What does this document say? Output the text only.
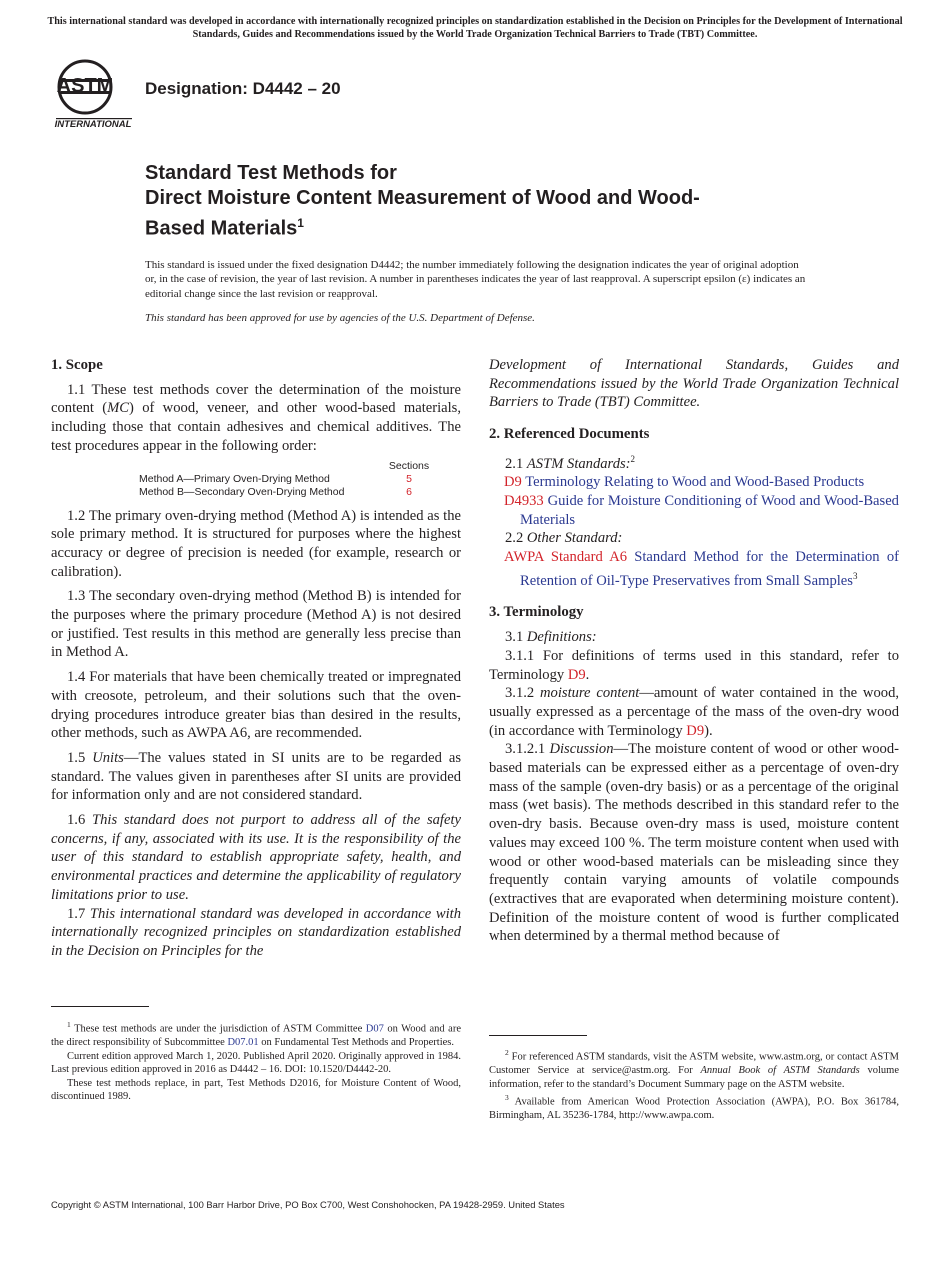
This international standard was developed in accordance with internationally recognized principles on standardization established in the Decision on Principles for the Development of International Standards, Guides and Recommendations issued by the World Trade Organization Technical Barriers to Trade (TBT) Committee.
ASTM
INTERNATIONAL
Designation: D4442 – 20
Standard Test Methods for
Direct Moisture Content Measurement of Wood and Wood-
Based Materials$^1$
This standard is issued under the fixed designation D4442; the number immediately following the designation indicates the year of original adoption or, in the case of revision, the year of last revision. A number in parentheses indicates the year of last reapproval. A superscript epsilon (ε) indicates an editorial change since the last revision or reapproval.
This standard has been approved for use by agencies of the U.S. Department of Defense.

1. Scope

1.1 These test methods cover the determination of the moisture content (MC) of wood, veneer, and other wood-based materials, including those that contain adhesives and chemical additives. The test procedures appear in the following order:

Sections
Method A—Primary Oven-Drying Method	5
Method B—Secondary Oven-Drying Method	6

1.2 The primary oven-drying method (Method A) is intended as the sole primary method. It is structured for purposes where the highest accuracy or degree of precision is needed (for example, research or calibration).

1.3 The secondary oven-drying method (Method B) is intended for the purposes where the primary procedure (Method A) is not desired or justified. Test results in this method are generally less precise than in Method A.

1.4 For materials that have been chemically treated or impregnated with creosote, petroleum, and their solutions such that the oven-drying procedures introduce greater bias than desired in the results, other methods, such as AWPA A6, are recommended.

1.5 Units—The values stated in SI units are to be regarded as standard. The values given in parentheses after SI units are provided for information only and are not considered standard.

1.6 This standard does not purport to address all of the safety concerns, if any, associated with its use. It is the responsibility of the user of this standard to establish appropriate safety, health, and environmental practices and determine the applicability of regulatory limitations prior to use.

1.7 This international standard was developed in accordance with internationally recognized principles on standardization established in the Decision on Principles for the

$^1$ These test methods are under the jurisdiction of ASTM Committee D07 on Wood and are the direct responsibility of Subcommittee D07.01 on Fundamental Test Methods and Properties.

Current edition approved March 1, 2020. Published April 2020. Originally approved in 1984. Last previous edition approved in 2016 as D4442 – 16. DOI: 10.1520/D4442-20.

These test methods replace, in part, Test Methods D2016, for Moisture Content of Wood, discontinued 1989.

Development of International Standards, Guides and Recommendations issued by the World Trade Organization Technical Barriers to Trade (TBT) Committee.

2. Referenced Documents

2.1 ASTM Standards:$^2$

D9 Terminology Relating to Wood and Wood-Based Products

D4933 Guide for Moisture Conditioning of Wood and Wood-Based Materials

2.2 Other Standard:

AWPA Standard A6 Standard Method for the Determination of Retention of Oil-Type Preservatives from Small Samples$^3$

3. Terminology

3.1 Definitions:

3.1.1 For definitions of terms used in this standard, refer to Terminology D9.

3.1.2 moisture content—amount of water contained in the wood, usually expressed as a percentage of the mass of the oven-dry wood (in accordance with Terminology D9).

3.1.2.1 Discussion—The moisture content of wood or other wood-based materials can be expressed either as a percentage of oven-dry mass of the sample (oven-dry basis) or as a percentage of the original mass (wet basis). The methods described in this standard refer to the oven-dry basis. Because oven-dry mass is used, moisture content values may exceed 100 %. The term moisture content when used with wood or other wood-based materials can be misleading since they frequently contain varying amounts of volatile compounds (extractives that are evaporated when determining moisture content). Definition of the moisture content of wood is further complicated when determined by a thermal method because of

$^2$ For referenced ASTM standards, visit the ASTM website, www.astm.org, or contact ASTM Customer Service at service@astm.org. For Annual Book of ASTM Standards volume information, refer to the standard’s Document Summary page on the ASTM website.

$^3$ Available from American Wood Protection Association (AWPA), P.O. Box 361784, Birmingham, AL 35236-1784, http://www.awpa.com.

Copyright © ASTM International, 100 Barr Harbor Drive, PO Box C700, West Conshohocken, PA 19428-2959. United States
